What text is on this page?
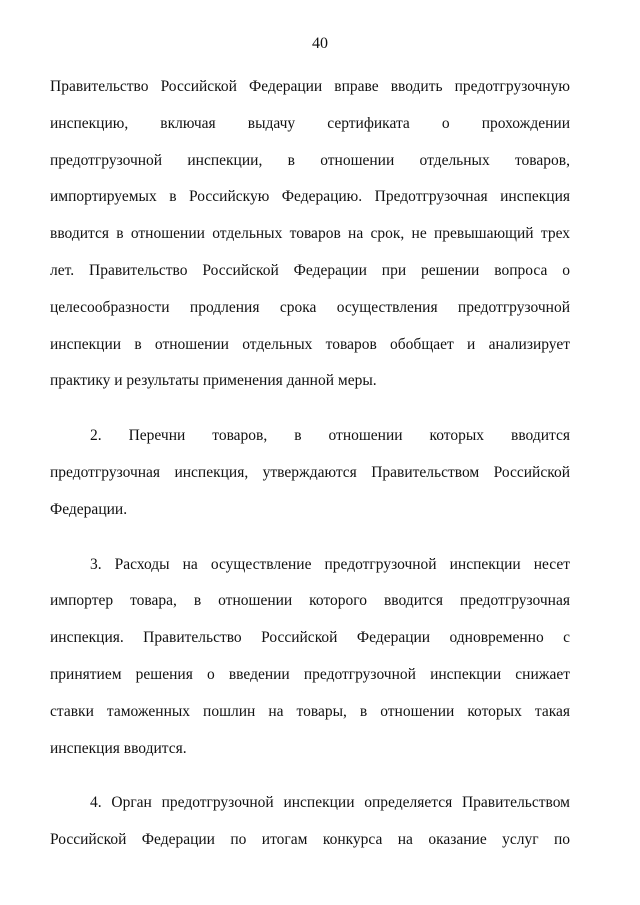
40
Правительство Российской Федерации вправе вводить предотгрузочную
инспекцию, включая выдачу сертификата о прохождении
предотгрузочной инспекции, в отношении отдельных товаров,
импортируемых в Российскую Федерацию. Предотгрузочная инспекция
вводится в отношении отдельных товаров на срок, не превышающий трех
лет. Правительство Российской Федерации при решении вопроса о
целесообразности продления срока осуществления предотгрузочной
инспекции в отношении отдельных товаров обобщает и анализирует
практику и результаты применения данной меры.
2. Перечни товаров, в отношении которых вводится
предотгрузочная инспекция, утверждаются Правительством Российской
Федерации.
3. Расходы на осуществление предотгрузочной инспекции несет
импортер товара, в отношении которого вводится предотгрузочная
инспекция. Правительство Российской Федерации одновременно с
принятием решения о введении предотгрузочной инспекции снижает
ставки таможенных пошлин на товары, в отношении которых такая
инспекция вводится.
4. Орган предотгрузочной инспекции определяется Правительством
Российской Федерации по итогам конкурса на оказание услуг по
